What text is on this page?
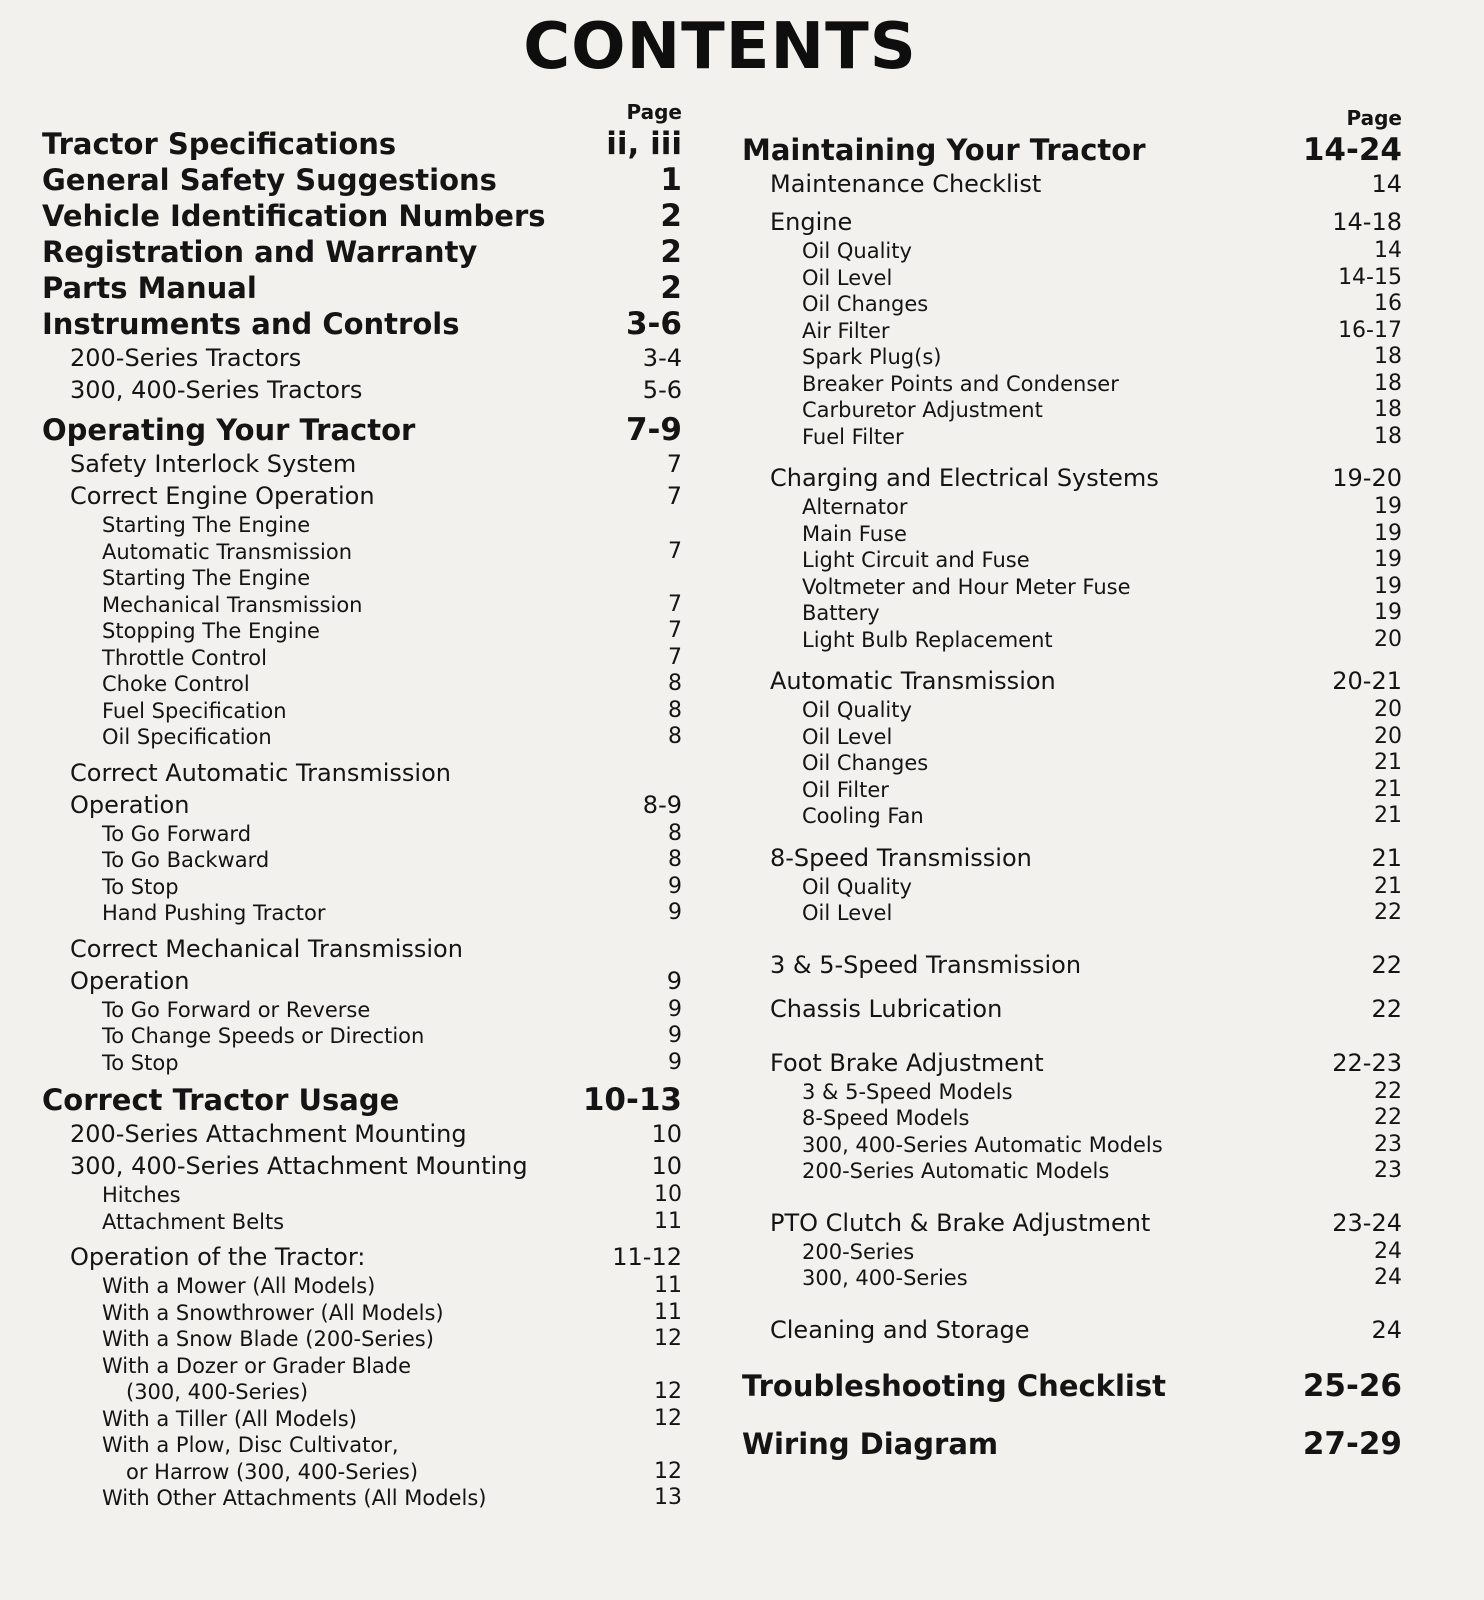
CONTENTS
Page
Tractor Specifications	ii, iii
General Safety Suggestions	1
Vehicle Identification Numbers	2
Registration and Warranty	2
Parts Manual	2
Instruments and Controls	3-6
200-Series Tractors	3-4
300, 400-Series Tractors	5-6
Operating Your Tractor	7-9
Safety Interlock System	7
Correct Engine Operation	7
Starting The Engine
Automatic Transmission	7
Starting The Engine
Mechanical Transmission	7
Stopping The Engine	7
Throttle Control	7
Choke Control	8
Fuel Specification	8
Oil Specification	8
Correct Automatic Transmission
Operation	8-9
To Go Forward	8
To Go Backward	8
To Stop	9
Hand Pushing Tractor	9
Correct Mechanical Transmission
Operation	9
To Go Forward or Reverse	9
To Change Speeds or Direction	9
To Stop	9
Correct Tractor Usage	10-13
200-Series Attachment Mounting	10
300, 400-Series Attachment Mounting	10
Hitches	10
Attachment Belts	11
Operation of the Tractor:	11-12
With a Mower (All Models)	11
With a Snowthrower (All Models)	11
With a Snow Blade (200-Series)	12
With a Dozer or Grader Blade
(300, 400-Series)	12
With a Tiller (All Models)	12
With a Plow, Disc Cultivator,
or Harrow (300, 400-Series)	12
With Other Attachments (All Models)	13
Page
Maintaining Your Tractor	14-24
Maintenance Checklist	14
Engine	14-18
Oil Quality	14
Oil Level	14-15
Oil Changes	16
Air Filter	16-17
Spark Plug(s)	18
Breaker Points and Condenser	18
Carburetor Adjustment	18
Fuel Filter	18
Charging and Electrical Systems	19-20
Alternator	19
Main Fuse	19
Light Circuit and Fuse	19
Voltmeter and Hour Meter Fuse	19
Battery	19
Light Bulb Replacement	20
Automatic Transmission	20-21
Oil Quality	20
Oil Level	20
Oil Changes	21
Oil Filter	21
Cooling Fan	21
8-Speed Transmission	21
Oil Quality	21
Oil Level	22
3 & 5-Speed Transmission	22
Chassis Lubrication	22
Foot Brake Adjustment	22-23
3 & 5-Speed Models	22
8-Speed Models	22
300, 400-Series Automatic Models	23
200-Series Automatic Models	23
PTO Clutch & Brake Adjustment	23-24
200-Series	24
300, 400-Series	24
Cleaning and Storage	24
Troubleshooting Checklist	25-26
Wiring Diagram	27-29
